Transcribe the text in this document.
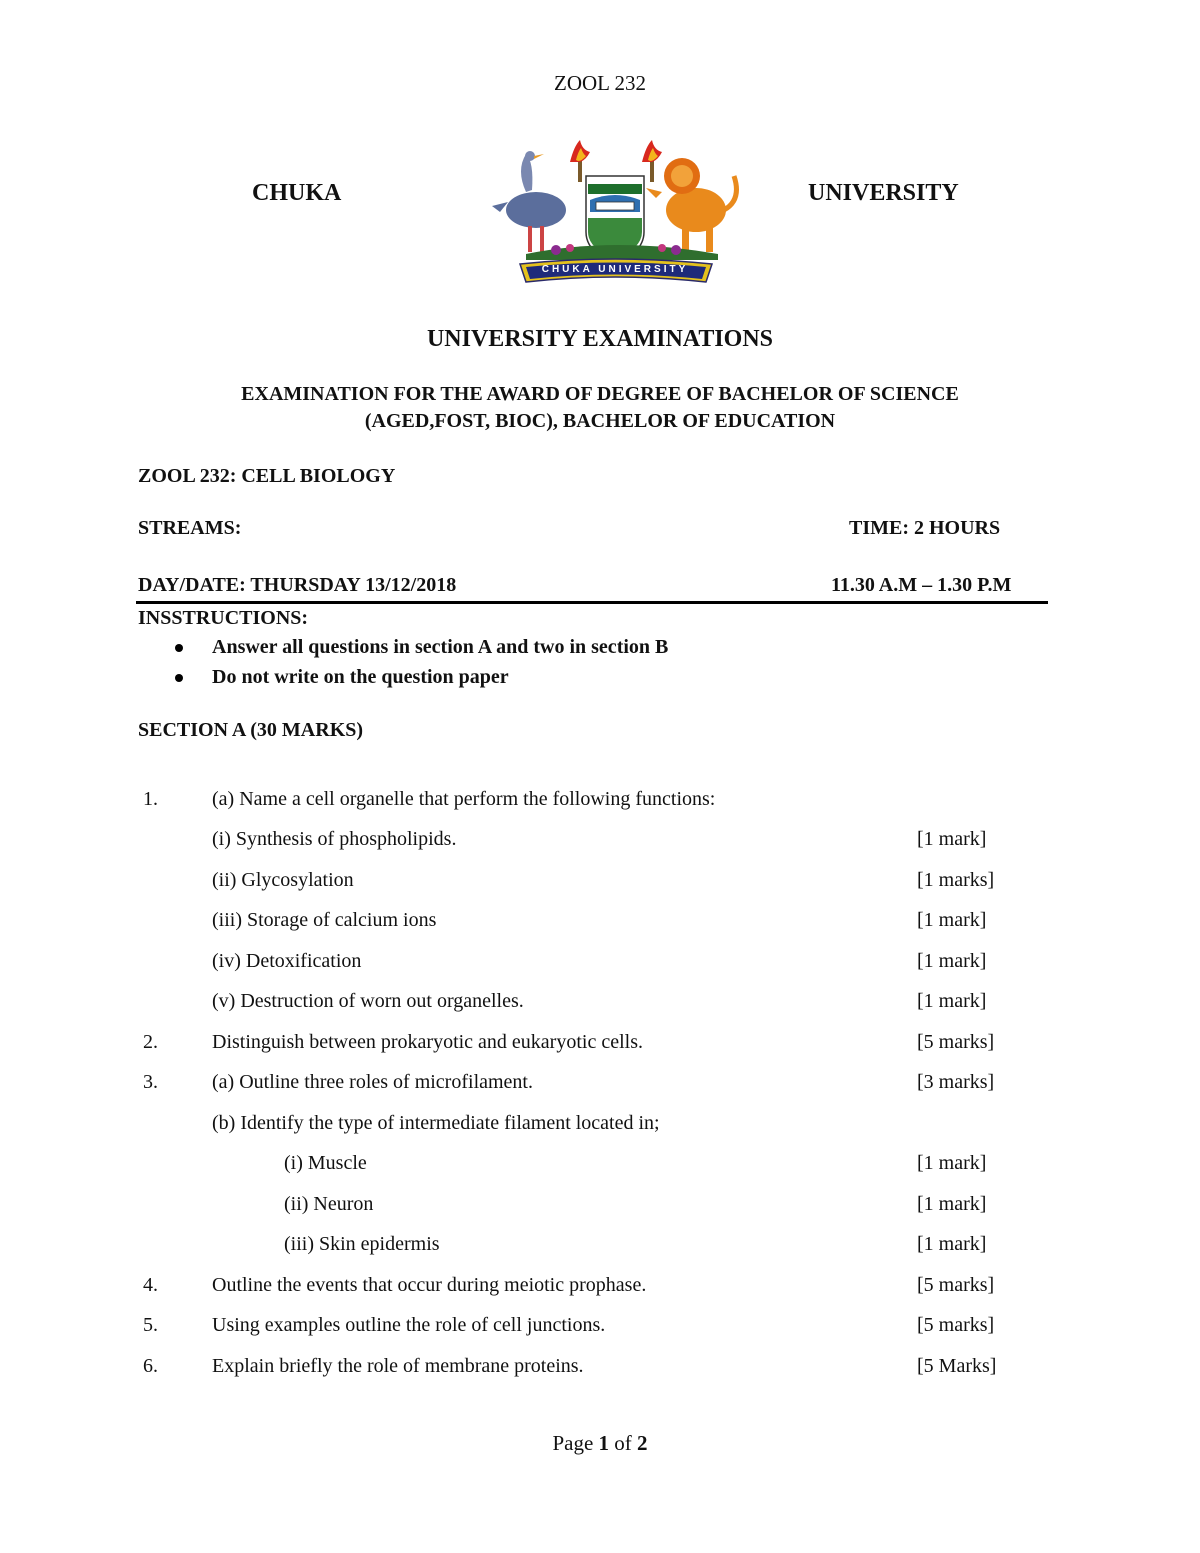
ZOOL 232
CHUKA
CHUKA UNIVERSITY
UNIVERSITY
UNIVERSITY EXAMINATIONS
EXAMINATION FOR THE AWARD OF DEGREE OF BACHELOR OF SCIENCE
(AGED,FOST, BIOC), BACHELOR OF EDUCATION
ZOOL 232: CELL BIOLOGY
STREAMS:	TIME: 2 HOURS
DAY/DATE: THURSDAY 13/12/2018	11.30 A.M – 1.30 P.M
INSSTRUCTIONS:
Answer all questions in section A and two in section B
Do not write on the question paper
SECTION A (30 MARKS)
1.	(a) Name a cell organelle that perform the following functions:
(i) Synthesis of phospholipids.	[1 mark]
(ii) Glycosylation	[1 marks]
(iii) Storage of calcium ions	[1 mark]
(iv) Detoxification	[1 mark]
(v) Destruction of worn out organelles.	[1 mark]
2.	Distinguish between prokaryotic and eukaryotic cells.	[5 marks]
3.	(a) Outline three roles of microfilament.	[3 marks]
(b) Identify the type of intermediate filament located in;
(i) Muscle	[1 mark]
(ii) Neuron	[1 mark]
(iii) Skin epidermis	[1 mark]
4.	Outline the events that occur during meiotic prophase.	[5 marks]
5.	Using examples outline the role of cell junctions.	[5 marks]
6.	Explain briefly the role of membrane proteins.	[5 Marks]
Page 1 of 2
